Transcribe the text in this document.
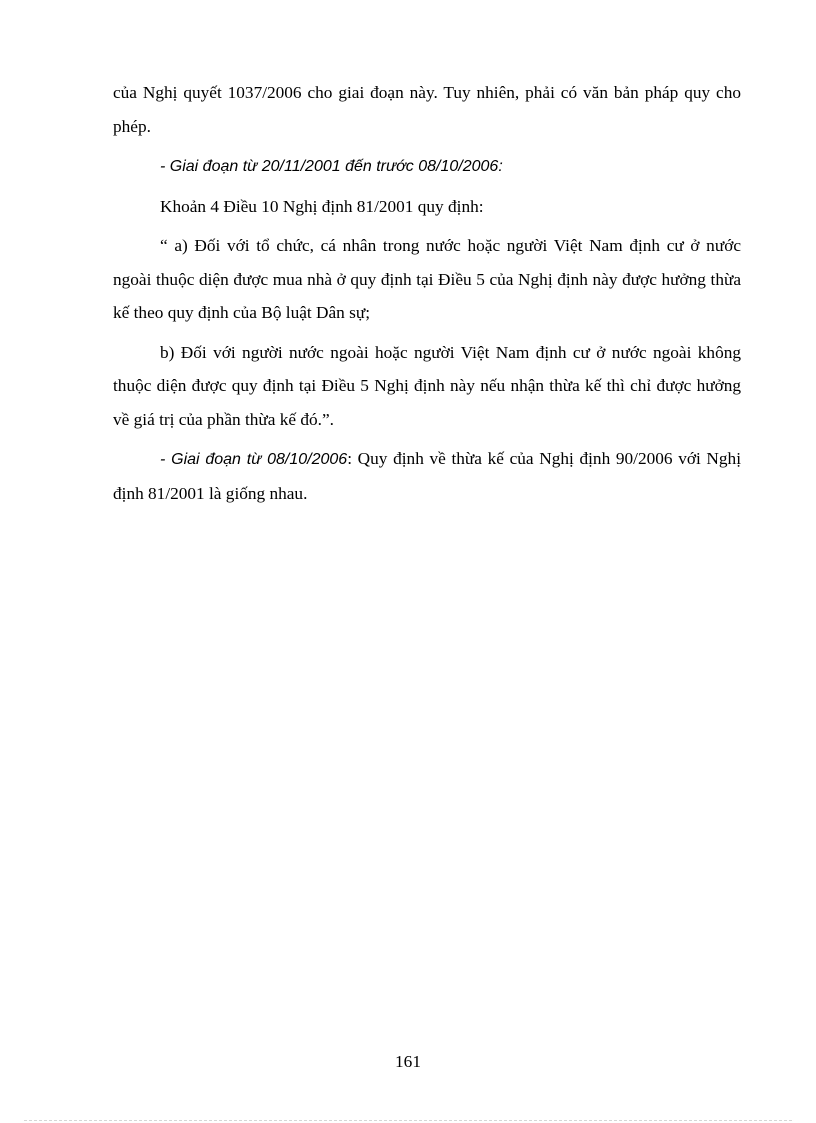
của Nghị quyết 1037/2006 cho giai đoạn này. Tuy nhiên, phải có văn bản pháp quy cho phép.

- Giai đoạn từ 20/11/2001 đến trước 08/10/2006:

Khoản 4 Điều 10 Nghị định 81/2001 quy định:

“ a) Đối với tổ chức, cá nhân trong nước hoặc người Việt Nam định cư ở nước ngoài thuộc diện được mua nhà ở quy định tại Điều 5 của Nghị định này được hưởng thừa kế theo quy định của Bộ luật Dân sự;

b) Đối với người nước ngoài hoặc người Việt Nam định cư ở nước ngoài không thuộc diện được quy định tại Điều 5 Nghị định này nếu nhận thừa kế thì chỉ được hưởng về giá trị của phần thừa kế đó.”.

- Giai đoạn từ 08/10/2006: Quy định về thừa kế của Nghị định 90/2006 với Nghị định 81/2001 là giống nhau.

161
